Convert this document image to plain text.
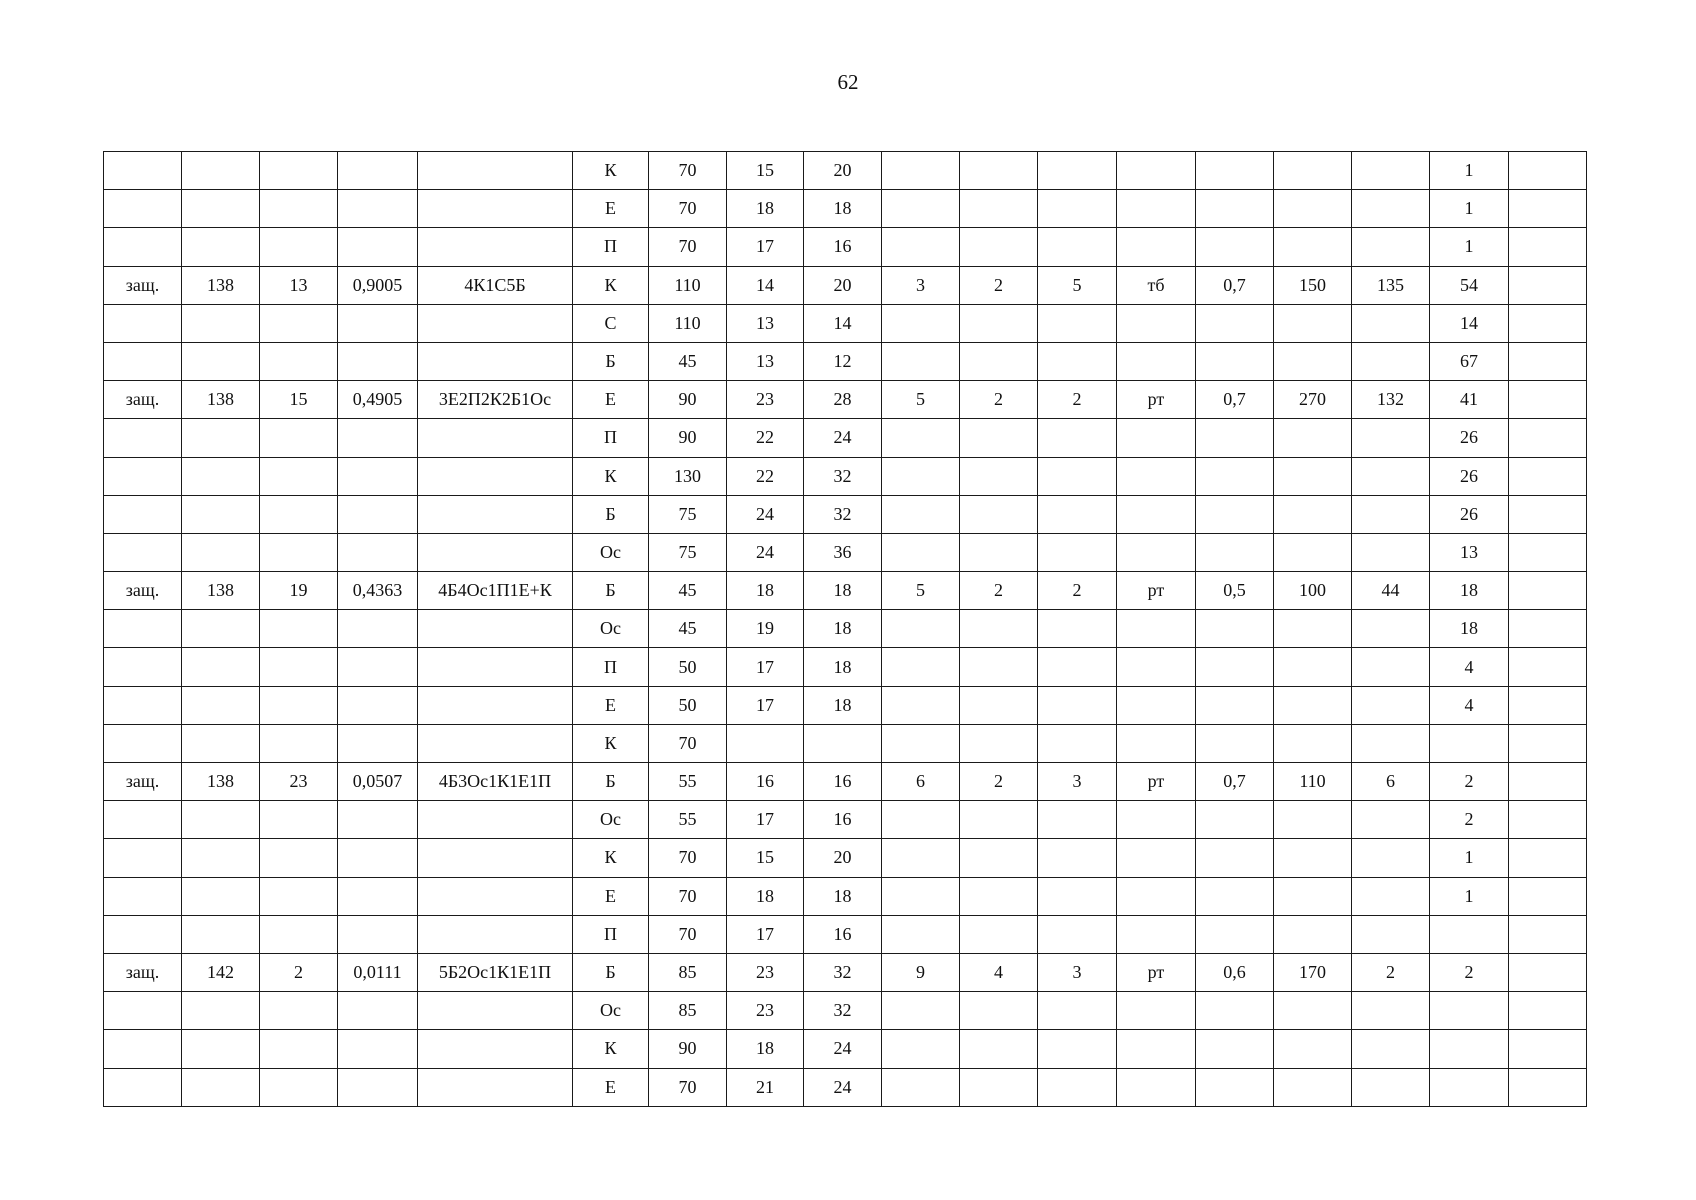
62
					К	70	15	20								1	
					Е	70	18	18								1	
					П	70	17	16								1	
защ.	138	13	0,9005	4К1С5Б	К	110	14	20	3	2	5	тб	0,7	150	135	54	
					С	110	13	14								14	
					Б	45	13	12								67	
защ.	138	15	0,4905	3Е2П2К2Б1Ос	Е	90	23	28	5	2	2	рт	0,7	270	132	41	
					П	90	22	24								26	
					К	130	22	32								26	
					Б	75	24	32								26	
					Ос	75	24	36								13	
защ.	138	19	0,4363	4Б4Ос1П1Е+К	Б	45	18	18	5	2	2	рт	0,5	100	44	18	
					Ос	45	19	18								18	
					П	50	17	18								4	
					Е	50	17	18								4	
					К	70											
защ.	138	23	0,0507	4Б3Ос1К1Е1П	Б	55	16	16	6	2	3	рт	0,7	110	6	2	
					Ос	55	17	16								2	
					К	70	15	20								1	
					Е	70	18	18								1	
					П	70	17	16									
защ.	142	2	0,0111	5Б2Ос1К1Е1П	Б	85	23	32	9	4	3	рт	0,6	170	2	2	
					Ос	85	23	32									
					К	90	18	24									
					Е	70	21	24									
